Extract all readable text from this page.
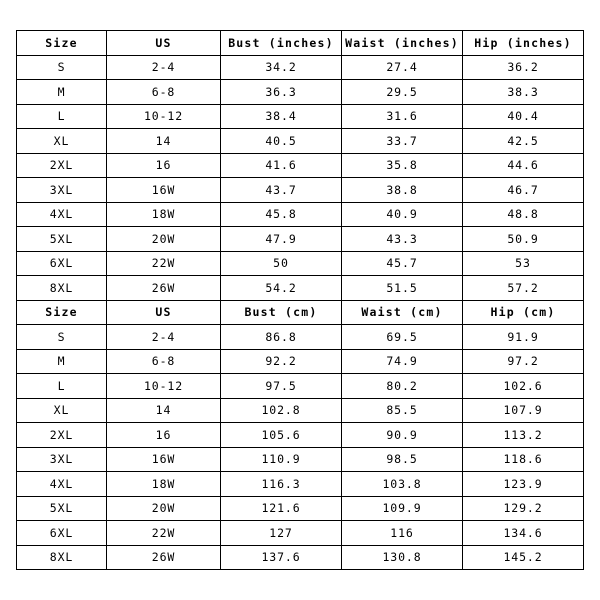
Size	US	Bust (inches)	Waist (inches)	Hip (inches)
S	2-4	34.2	27.4	36.2
M	6-8	36.3	29.5	38.3
L	10-12	38.4	31.6	40.4
XL	14	40.5	33.7	42.5
2XL	16	41.6	35.8	44.6
3XL	16W	43.7	38.8	46.7
4XL	18W	45.8	40.9	48.8
5XL	20W	47.9	43.3	50.9
6XL	22W	50	45.7	53
8XL	26W	54.2	51.5	57.2
Size	US	Bust (cm)	Waist (cm)	Hip (cm)
S	2-4	86.8	69.5	91.9
M	6-8	92.2	74.9	97.2
L	10-12	97.5	80.2	102.6
XL	14	102.8	85.5	107.9
2XL	16	105.6	90.9	113.2
3XL	16W	110.9	98.5	118.6
4XL	18W	116.3	103.8	123.9
5XL	20W	121.6	109.9	129.2
6XL	22W	127	116	134.6
8XL	26W	137.6	130.8	145.2
